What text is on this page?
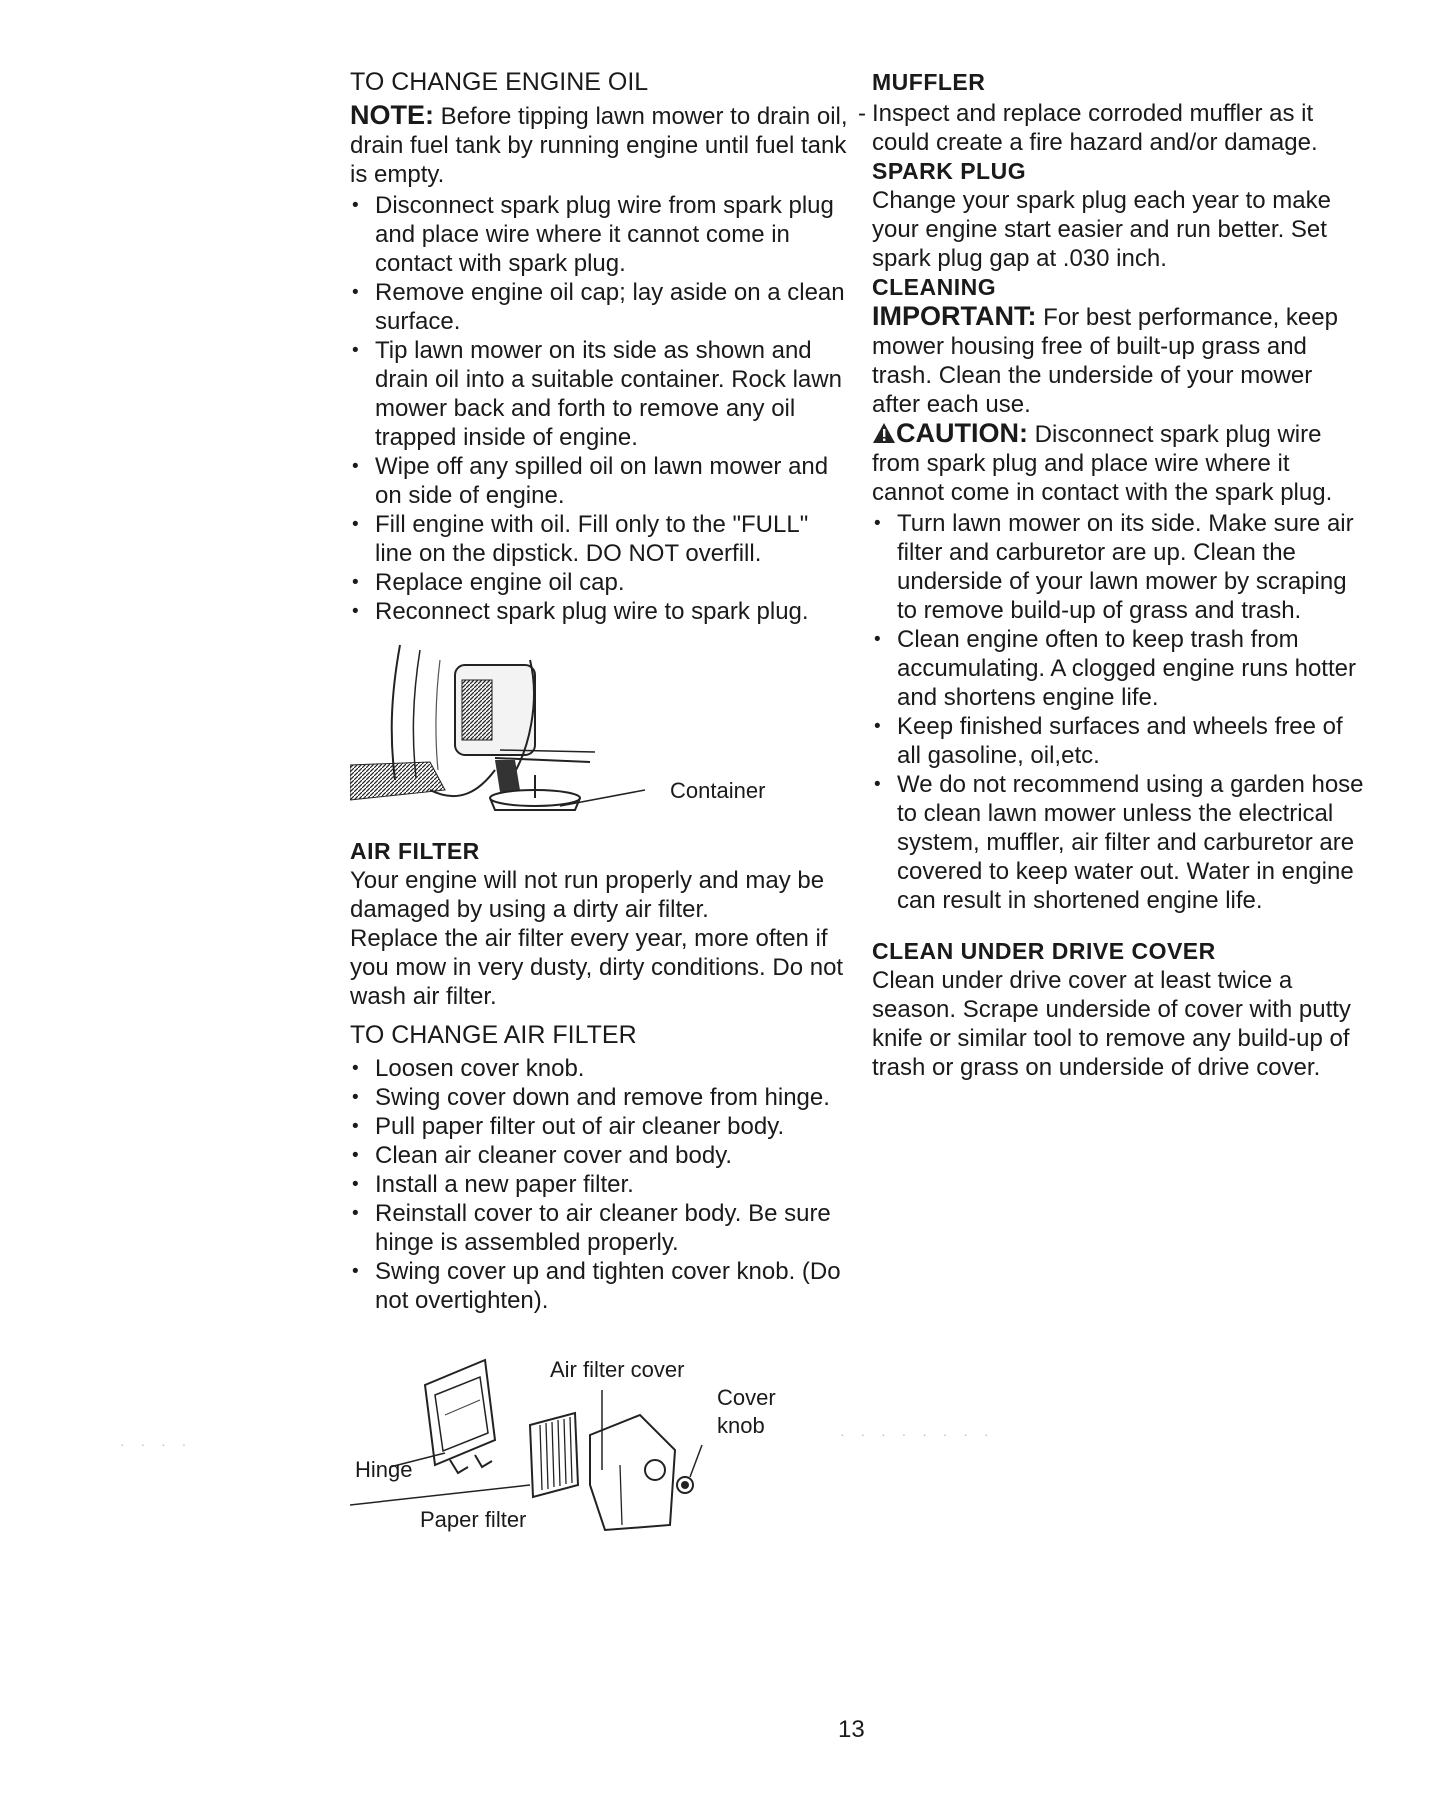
TO CHANGE ENGINE OIL

NOTE: Before tipping lawn mower to drain oil, drain fuel tank by running engine until fuel tank is empty.
• Disconnect spark plug wire from spark plug and place wire where it cannot come in contact with spark plug.
• Remove engine oil cap; lay aside on a clean surface.
• Tip lawn mower on its side as shown and drain oil into a suitable container. Rock lawn mower back and forth to remove any oil trapped inside of engine.
• Wipe off any spilled oil on lawn mower and on side of engine.
• Fill engine with oil. Fill only to the "FULL" line on the dipstick. DO NOT overfill.
• Replace engine oil cap.
• Reconnect spark plug wire to spark plug.
Container

AIR FILTER

Your engine will not run properly and may be damaged by using a dirty air filter.

Replace the air filter every year, more often if you mow in very dusty, dirty conditions. Do not wash air filter.

TO CHANGE AIR FILTER

• Loosen cover knob.
• Swing cover down and remove from hinge.
• Pull paper filter out of air cleaner body.
• Clean air cleaner cover and body.
• Install a new paper filter.
• Reinstall cover to air cleaner body. Be sure hinge is assembled properly.
• Swing cover up and tighten cover knob. (Do not overtighten).
Air filter cover
Cover
knob
Hinge
Paper filter

MUFFLER

- Inspect and replace corroded muffler as it could create a fire hazard and/or damage.

SPARK PLUG

Change your spark plug each year to make your engine start easier and run better. Set spark plug gap at .030 inch.

CLEANING

IMPORTANT: For best performance, keep mower housing free of built-up grass and trash. Clean the underside of your mower after each use.
CAUTION: Disconnect spark plug wire from spark plug and place wire where it cannot come in contact with the spark plug.
• Turn lawn mower on its side. Make sure air filter and carburetor are up. Clean the underside of your lawn mower by scraping to remove build-up of grass and trash.
• Clean engine often to keep trash from accumulating. A clogged engine runs hotter and shortens engine life.
• Keep finished surfaces and wheels free of all gasoline, oil,etc.
• We do not recommend using a garden hose to clean lawn mower unless the electrical system, muffler, air filter and carburetor are covered to keep water out. Water in engine can result in shortened engine life.

CLEAN UNDER DRIVE COVER

Clean under drive cover at least twice a season. Scrape underside of cover with putty knife or similar tool to remove any build-up of trash or grass on underside of drive cover.

· · · ·
· · · · · · · ·
13
